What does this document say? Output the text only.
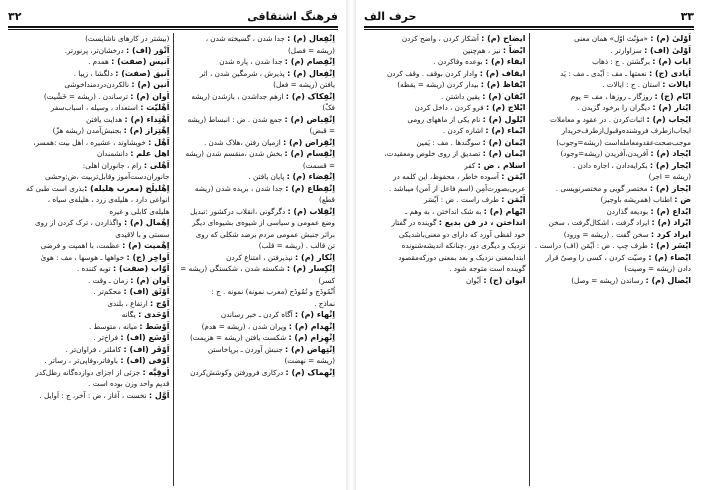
فرهنگ اشتقاقی
۳۲
اِنْفِعال (م) : جدا شدن ، گسیخته شدن ،
(ریشه = فصل)
اِنْفِصام (م) : جدا شدن ، پاره شدن
اِنْفِعال (م) : پذیرش ، شرمگین شدن ، اثر
یافتن (ریشه = فعل)
اِنْفِکاک (م) : ازهم جداشدن ، بازشدن (ریشه
فکّ)
اِنْقِباض (م) : جمع شدن . ض : انبساط (ریشه
= قبض)
اِنْقِراض (م) : ازمیان رفتن ،هلاک شدن .
اِنْقِسام (م) : بخش شدن ،منقسم شدن (ریشه
= قسمت)
اِنْقِضاء (م) : پایان یافتن .
اِنْقِطاع (م) : جدا شدن ، بریده شدن (ریشه
قطع)
اِنْقِلاب (م) : دگرگونی ،انقلاب درکشور :تبدیل
وضع عمومی و سیاسی از شیوه‌ی بشیوه‌ای دیگر
براثر جنبش عمومی مردم برضد شکلی که روی
تن قالب . (ریشه = قلب)
اِنْکار (م) : نپذیرفتن ، امتناع کردن
اِنْکِسار (م) : شکسته شدن ، شکستگی (ریشه =
کسر)
اُنْمُوذَج و نُمُوذَج (معرب نمونه) نمونه . ج :
نماذج .
اِنْهاء (م) : آگاه کردن ـ خبر رساندن
اِنْهِدام (م) : ویران شدن ، (ریشه = هدم)
اِنْهِزام (م) : شکست یافتن (ریشه = هزیمت)
اِنْتِهاض (م) : جنبش آوردن ـ برپاخاستن
(ریشه = نهضت)
اِنْهِماک (م) : درکاری فرورفتن وکوشش‌کردن
(بیشتر در کارهای ناشایست)
اَنْوَر (اف) : درخشان‌تر، پرنورتر.
اَنیس (صفت) : همدم .
اَنیق (صفت) : دلگشا ، زیبا .
اَنین (م) : نالکردن‌دردمنداخوشی
اُوان (م) : ترساندن . (ریشه = خَشْیت)
اَهْلیّت : استعداد ، وسیله ، اسباب‌سفر
اَهْتِداء (م) : هدایت یافتن
اِهْتِزاز (م) : بجنبش‌آمدن (ریشه هزّ)
اَهْل : خویشاوند ، عشیره ، اهل بیت :همسر،
اهل علم : دانشمندان
اَهْلی : رام ، جانوران اهلی:
جانوران‌دست‌آموز وقابل‌تربیت ،ض:وحشی
اِهْلیلَج (معرب هلیله) :بذری است طبی که
انواعی دارد ، هلیله‌ی زرد ، هلیله‌ی سیاه ،
هلیله‌ی کابلی و غیره
اِهْمال (م) : واگذاردن ، ترک کردن از روی
سستی و با لاقیدی
اِهْمیت (م) : عظمت، با اهمیت و فرضی
اَواخِر (ج) : خواهها ـ هوسها ، مف : هویٰ
اَوّاب (صفت) : توبه کننده .
اَوان (م) : زمان ـ وقت .
اَوْثَق (اف) : محکم‌تر .
اَوْج : ارتفاع ، بلندی
اَوْحَدی : یگانه
اَوْسَط : میانه ، متوسط .
اَوْسَع (اف) : فراخ‌تر .
اَوْفَر (اف) : کاملتر ، فراوان‌تر .
اَوْفی (اف) : باوفاتر،وفاپی‌تر ، رساتر .
اُوقِیَّه : جزئی از اجزای دوازده‌گانه رطل‌کدر
قدیم واحد وزن بوده است .
اَوَّل : نخست ، آغاز ، ض : آخر، ج : اَوایل .
۳۳
حرف الف
اَوْلیٰ (م) : «مؤنّث اوّل» همان معنی
اَوْلیٰ (اف) : سزاوارتر .
ایاب (م) : برگشتن . ج : ذهاب
اَیادی (ج) : نعمتها ـ مف : اَیْدی ـ مف : یَد
ایالات : استان . ج : ایالات .
ایّام (ج) : روزگار ـ روزها ، مف = یوم
ایْتار (م) : دیگران را برخود گزیدن .
ایْجاب (م) : اثبات‌کردن . در عقود و معاملات
ایجاب‌ازطرف فروشنده‌وقبول‌ازطرف‌خریدار
موجب‌صحت‌عقد‌ومعامله‌است (ریشه=وجوب)
ایْجاد (م) : آفریدن،آفریدن (ریشه=وجود)
ایْجار (م) : بکرایه‌دادن ، اجاره دادن .
(ریشه = اجر)
ایْجاز (م) : مختصر گویی و مختصرنویسی .
ض : اطناب (همریشه باوجیز)
ایْداع (م) : بودیعه گذاردن
ایْراد (م) : ایراد گرفت ، اشکال‌گرفت ، سخن
ایراد کرد : سخن گفت . (ریشه = ورود)
ایْسَر (م) : طرف چپ . ض : اَیْمَن (اف) دراست .
ایْصاء (م) : وصیّت کردن ، کسی را وصیّ قرار
دادن (ریشه = وصیت)
ایْصال (م) : رساندن (ریشه = وصل)
ایضاح (م) : آشکار کردن ، واضح کردن
ایْضاً : نیز ، هم‌چنین
ایفاء (م) : بوعده وفاکردن .
ایقاف (م) : وادار کردن بوقف . وقف کردن
ایْقاظ (م) : بیدار کردن (ریشه = یقظه)
ایْقان (م) : یقین داشتن .
ایْلاج (م) : فرو کردن ، داخل کردن
ایْلول (م) : نام یکی از ماههای رومی
ایْماء (م) : اشاره کردن .
ایْمان (م) : سوگندها . مف : یَمین
ایْمان (م) : تصدیق از روی خلوص ومعقیدت،
اسلام . ض : کفر
ایْمَن : آسوده خاطر ، محفوظ، این کلمه در
عربی‌بصورت‌آمِن (اسم فاعل از آمن) میباشد .
اَیْمَن : طرف راست . ض : اَیْسَر
ایْهام (م) : به شک انداختن ، به وهم ـ
انداختن ، در فن بدیع : گوینده در گفتار
خود لفظی آورد که دارای دو معنی‌باشدیکی
نزدیک و دیگری دور ،چنانکه اندیشه‌شنونده
ابتدابمعنی نزدیک و بعد بمعنی دورکه‌مقصود
گوینده است متوجه شود .
ایوان (ج) : اَیْوان
